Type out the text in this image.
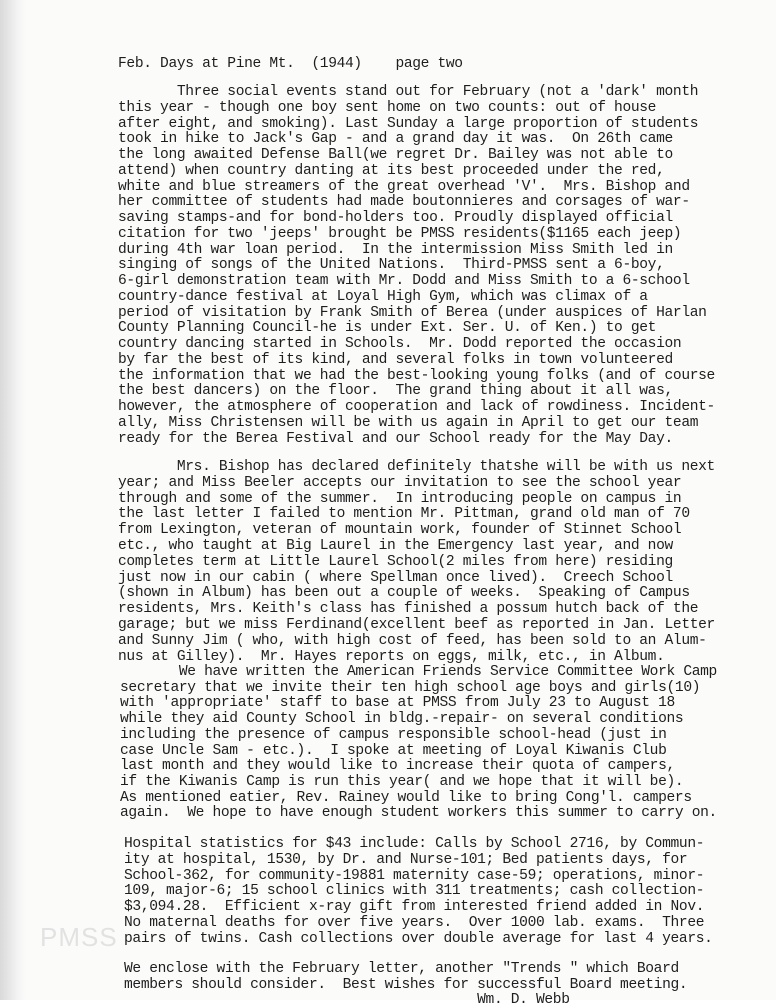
Feb. Days at Pine Mt.  (1944)    page two

Three social events stand out for February (not a 'dark' month
this year - though one boy sent home on two counts: out of house
after eight, and smoking). Last Sunday a large proportion of students
took in hike to Jack's Gap - and a grand day it was.  On 26th came
the long awaited Defense Ball(we regret Dr. Bailey was not able to
attend) when country danting at its best proceeded under the red,
white and blue streamers of the great overhead 'V'.  Mrs. Bishop and
her committee of students had made boutonnieres and corsages of war-
saving stamps-and for bond-holders too. Proudly displayed official
citation for two 'jeeps' brought be PMSS residents($1165 each jeep)
during 4th war loan period.  In the intermission Miss Smith led in
singing of songs of the United Nations.  Third-PMSS sent a 6-boy,
6-girl demonstration team with Mr. Dodd and Miss Smith to a 6-school
country-dance festival at Loyal High Gym, which was climax of a
period of visitation by Frank Smith of Berea (under auspices of Harlan
County Planning Council-he is under Ext. Ser. U. of Ken.) to get
country dancing started in Schools.  Mr. Dodd reported the occasion
by far the best of its kind, and several folks in town volunteered
the information that we had the best-looking young folks (and of course
the best dancers) on the floor.  The grand thing about it all was,
however, the atmosphere of cooperation and lack of rowdiness. Incident-
ally, Miss Christensen will be with us again in April to get our team
ready for the Berea Festival and our School ready for the May Day.
Mrs. Bishop has declared definitely thatshe will be with us next
year; and Miss Beeler accepts our invitation to see the school year
through and some of the summer.  In introducing people on campus in
the last letter I failed to mention Mr. Pittman, grand old man of 70
from Lexington, veteran of mountain work, founder of Stinnet School
etc., who taught at Big Laurel in the Emergency last year, and now
completes term at Little Laurel School(2 miles from here) residing
just now in our cabin ( where Spellman once lived).  Creech School
(shown in Album) has been out a couple of weeks.  Speaking of Campus
residents, Mrs. Keith's class has finished a possum hutch back of the
garage; but we miss Ferdinand(excellent beef as reported in Jan. Letter
and Sunny Jim ( who, with high cost of feed, has been sold to an Alum-
nus at Gilley).  Mr. Hayes reports on eggs, milk, etc., in Album.
We have written the American Friends Service Committee Work Camp
secretary that we invite their ten high school age boys and girls(10)
with 'appropriate' staff to base at PMSS from July 23 to August 18
while they aid County School in bldg.-repair- on several conditions
including the presence of campus responsible school-head (just in
case Uncle Sam - etc.).  I spoke at meeting of Loyal Kiwanis Club
last month and they would like to increase their quota of campers,
if the Kiwanis Camp is run this year( and we hope that it will be).
As mentioned eatier, Rev. Rainey would like to bring Cong'l. campers
again.  We hope to have enough student workers this summer to carry on.
Hospital statistics for $43 include: Calls by School 2716, by Commun-
ity at hospital, 1530, by Dr. and Nurse-101; Bed patients days, for
School-362, for community-19881 maternity case-59; operations, minor-
109, major-6; 15 school clinics with 311 treatments; cash collection-
$3,094.28.  Efficient x-ray gift from interested friend added in Nov.
No maternal deaths for over five years.  Over 1000 lab. exams.  Three
pairs of twins. Cash collections over double average for last 4 years.
We enclose with the February letter, another "Trends " which Board
members should consider.  Best wishes for successful Board meeting.
Wm. D. Webb
PMSS
